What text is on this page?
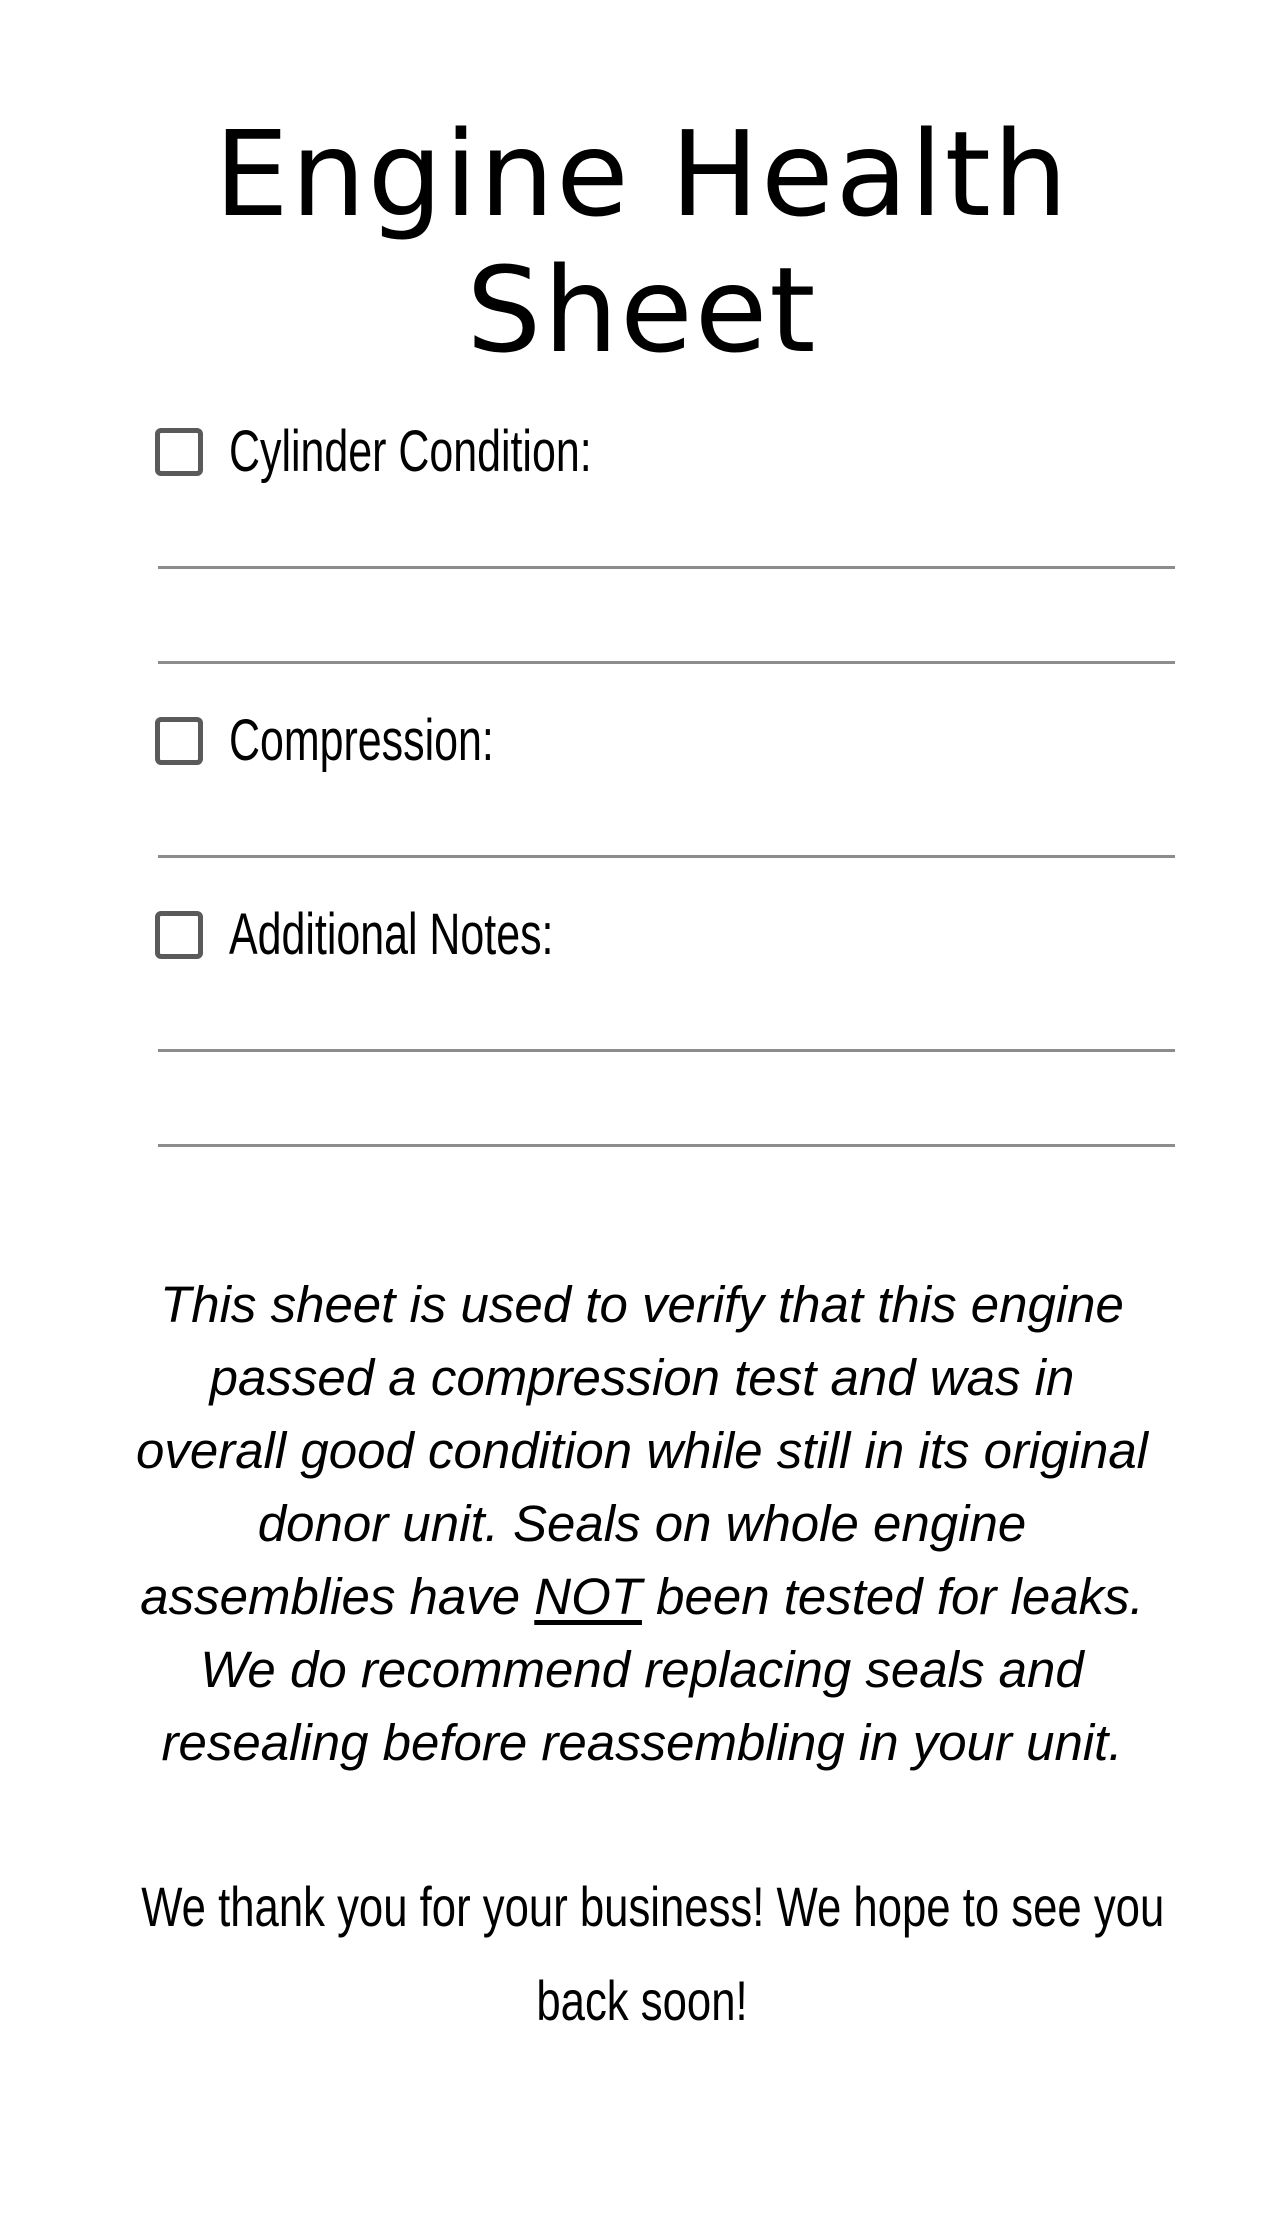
Engine Health
Sheet
Cylinder Condition:
Compression:
Additional Notes:

This sheet is used to verify that this engine
passed a compression test and was in
overall good condition while still in its original
donor unit. Seals on whole engine
assemblies have NOT been tested for leaks.
We do recommend replacing seals and
resealing before reassembling in your unit.

We thank you for your business! We hope to see you
back soon!
